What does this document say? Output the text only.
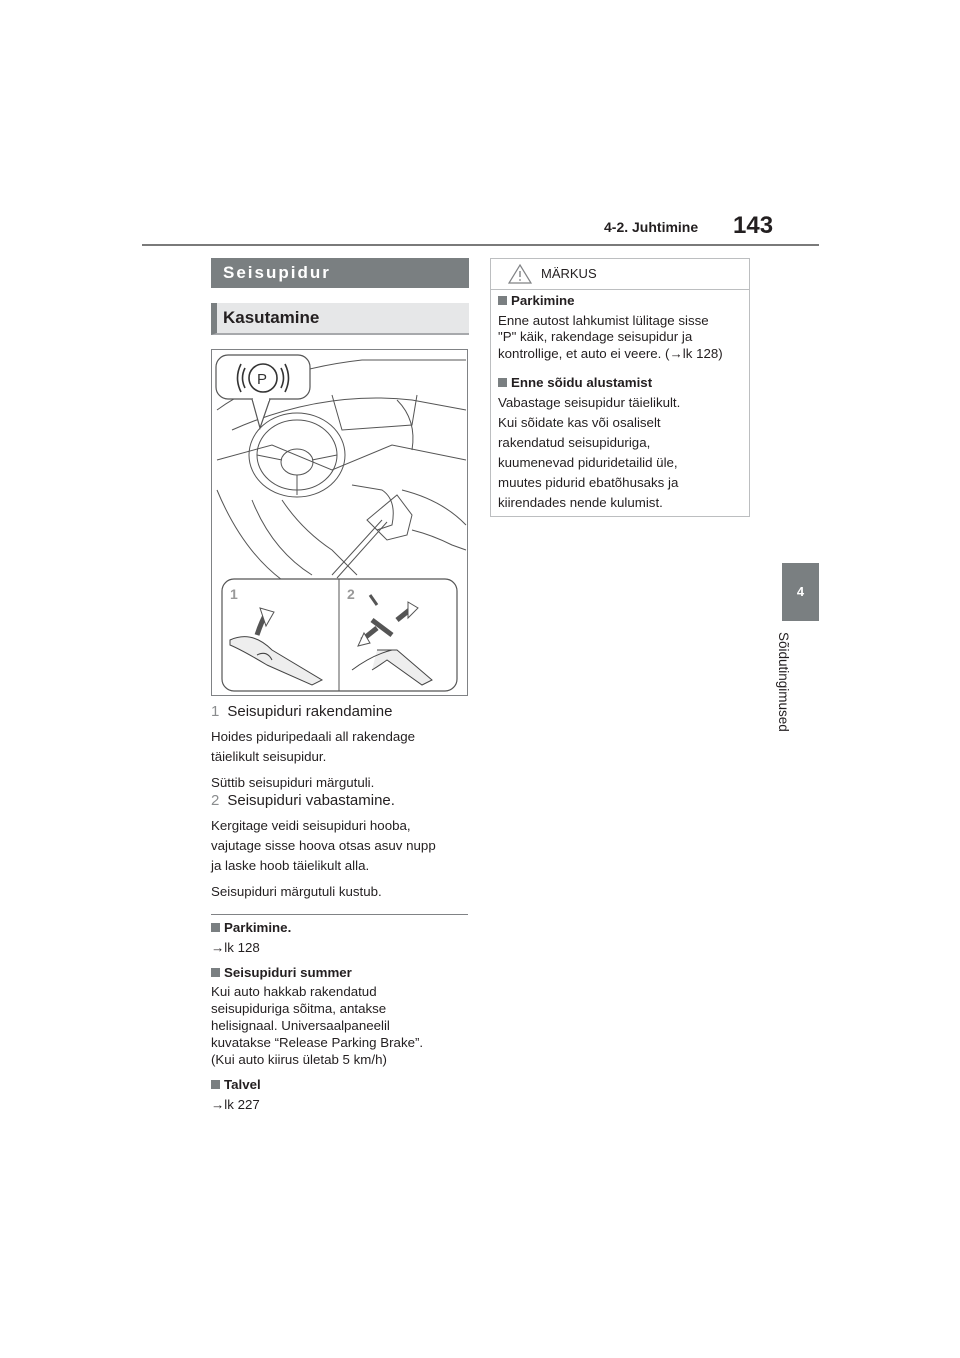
4-2. Juhtimine 143
4
Sõidutingimused
Seisupidur
Kasutamine
P
1	2
1 Seisupiduri rakendamine
Hoides piduripedaali all rakendage
täielikult seisupidur.
Süttib seisupiduri märgutuli.
2 Seisupiduri vabastamine.
Kergitage veidi seisupiduri hooba,
vajutage sisse hoova otsas asuv nupp
ja laske hoob täielikult alla.
Seisupiduri märgutuli kustub.
Parkimine.
→lk 128
Seisupiduri summer
Kui auto hakkab rakendatud
seisupiduriga sõitma, antakse
helisignaal. Universaalpaneelil
kuvatakse “Release Parking Brake”.
(Kui auto kiirus ületab 5 km/h)
Talvel
→lk 227
MÄRKUS
Parkimine
Enne autost lahkumist lülitage sisse
"P" käik, rakendage seisupidur ja
kontrollige, et auto ei veere. (→lk 128)
Enne sõidu alustamist
Vabastage seisupidur täielikult.
Kui sõidate kas või osaliselt
rakendatud seisupiduriga,
kuumenevad piduridetailid üle,
muutes pidurid ebatõhusaks ja
kiirendades nende kulumist.
